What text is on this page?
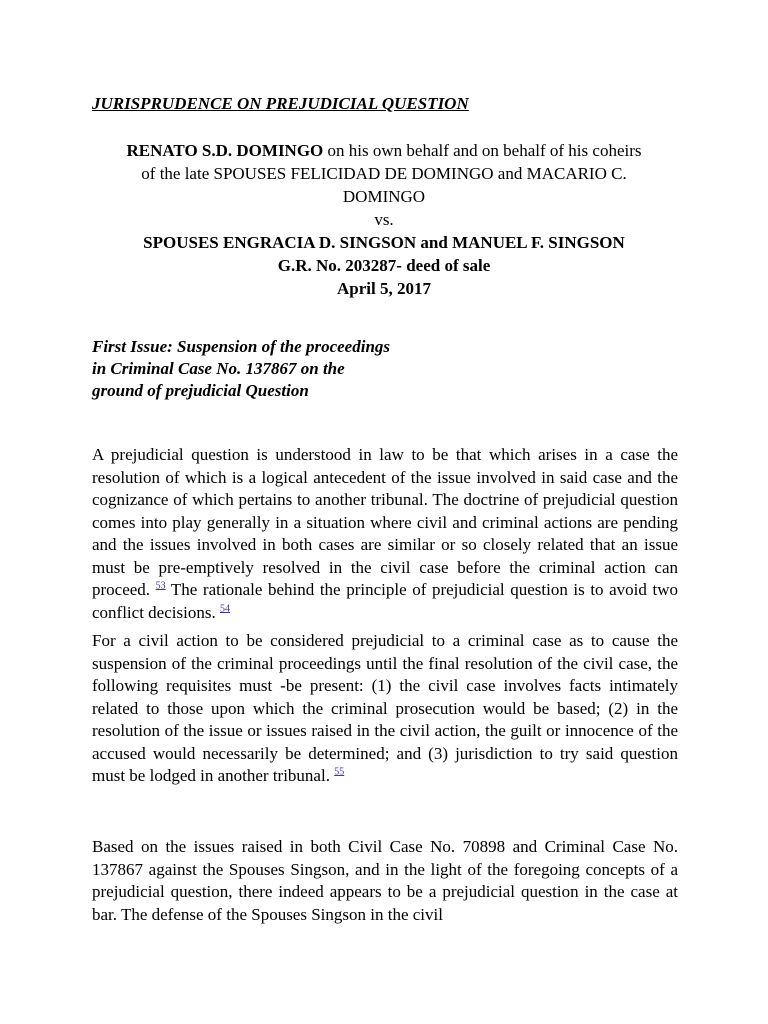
JURISPRUDENCE ON PREJUDICIAL QUESTION

RENATO S.D. DOMINGO on his own behalf and on behalf of his coheirs
of the late SPOUSES FELICIDAD DE DOMINGO and MACARIO C.
DOMINGO
vs.
SPOUSES ENGRACIA D. SINGSON and MANUEL F. SINGSON
G.R. No. 203287- deed of sale
April 5, 2017

First Issue: Suspension of the proceedings in Criminal Case No. 137867 on the ground of prejudicial Question

A prejudicial question is understood in law to be that which arises in a case the resolution of which is a logical antecedent of the issue involved in said case and the cognizance of which pertains to another tribunal. The doctrine of prejudicial question comes into play generally in a situation where civil and criminal actions are pending and the issues involved in both cases are similar or so closely related that an issue must be pre-emptively resolved in the civil case before the criminal action can proceed. $^{53}$ The rationale behind the principle of prejudicial question is to avoid two conflict decisions. $^{54}$

For a civil action to be considered prejudicial to a criminal case as to cause the suspension of the criminal proceedings until the final resolution of the civil case, the following requisites must -be present: (1) the civil case involves facts intimately related to those upon which the criminal prosecution would be based; (2) in the resolution of the issue or issues raised in the civil action, the guilt or innocence of the accused would necessarily be determined; and (3) jurisdiction to try said question must be lodged in another tribunal. $^{55}$

Based on the issues raised in both Civil Case No. 70898 and Criminal Case No. 137867 against the Spouses Singson, and in the light of the foregoing concepts of a prejudicial question, there indeed appears to be a prejudicial question in the case at bar. The defense of the Spouses Singson in the civil
